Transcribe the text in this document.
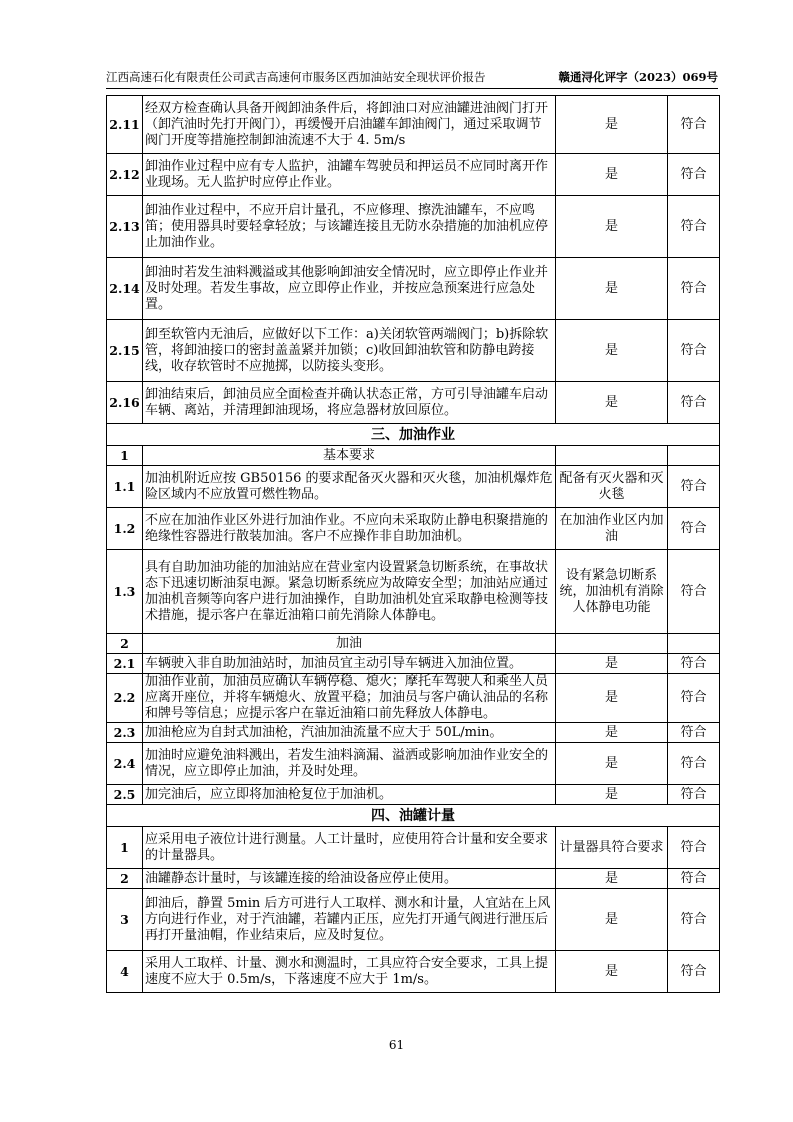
江西高速石化有限责任公司武吉高速何市服务区西加油站安全现状评价报告	赣通浔化评字（2023）069号
2.11	经双方检查确认具备开阀卸油条件后，将卸油口对应油罐进油阀门打开（卸汽油时先打开阀门），再缓慢开启油罐车卸油阀门，通过采取调节阀门开度等措施控制卸油流速不大于 4. 5m/s	是	符合
2.12	卸油作业过程中应有专人监护，油罐车驾驶员和押运员不应同时离开作业现场。无人监护时应停止作业。	是	符合
2.13	卸油作业过程中，不应开启计量孔，不应修理、擦洗油罐车，不应鸣笛；使用器具时要轻拿轻放；与该罐连接且无防水杂措施的加油机应停止加油作业。	是	符合
2.14	卸油时若发生油料溅溢或其他影响卸油安全情况时，应立即停止作业并及时处理。若发生事故，应立即停止作业，并按应急预案进行应急处置。	是	符合
2.15	卸至软管内无油后，应做好以下工作：a)关闭软管两端阀门；b)拆除软管，将卸油接口的密封盖盖紧并加锁；c)收回卸油软管和防静电跨接线，收存软管时不应抛掷，以防接头变形。	是	符合
2.16	卸油结束后，卸油员应全面检查并确认状态正常，方可引导油罐车启动车辆、离站，并清理卸油现场，将应急器材放回原位。	是	符合
三、加油作业			
1	基本要求		
1.1	加油机附近应按 GB50156 的要求配备灭火器和灭火毯，加油机爆炸危险区域内不应放置可燃性物品。	配备有灭火器和灭火毯	符合
1.2	不应在加油作业区外进行加油作业。不应向未采取防止静电积聚措施的绝缘性容器进行散装加油。客户不应操作非自助加油机。	在加油作业区内加油	符合
1.3	具有自助加油功能的加油站应在营业室内设置紧急切断系统，在事故状态下迅速切断油泵电源。紧急切断系统应为故障安全型；加油站应通过加油机音频等向客户进行加油操作，自助加油机处宜采取静电检测等技术措施，提示客户在靠近油箱口前先消除人体静电。	设有紧急切断系统，加油机有消除人体静电功能	符合
2	加油		
2.1	车辆驶入非自助加油站时，加油员宜主动引导车辆进入加油位置。	是	符合
2.2	加油作业前，加油员应确认车辆停稳、熄火；摩托车驾驶人和乘坐人员应离开座位，并将车辆熄火、放置平稳；加油员与客户确认油品的名称和牌号等信息；应提示客户在靠近油箱口前先释放人体静电。	是	符合
2.3	加油枪应为自封式加油枪，汽油加油流量不应大于 50L/min。	是	符合
2.4	加油时应避免油料溅出，若发生油料滴漏、溢洒或影响加油作业安全的情况，应立即停止加油，并及时处理。	是	符合
2.5	加完油后，应立即将加油枪复位于加油机。	是	符合
四、油罐计量			
1	应采用电子液位计进行测量。人工计量时，应使用符合计量和安全要求的计量器具。	计量器具符合要求	符合
2	油罐静态计量时，与该罐连接的给油设备应停止使用。	是	符合
3	卸油后，静置 5min 后方可进行人工取样、测水和计量，人宜站在上风方向进行作业，对于汽油罐，若罐内正压，应先打开通气阀进行泄压后再打开量油帽，作业结束后，应及时复位。	是	符合
4	采用人工取样、计量、测水和测温时，工具应符合安全要求，工具上提速度不应大于 0.5m/s，下落速度不应大于 1m/s。	是	符合
61
